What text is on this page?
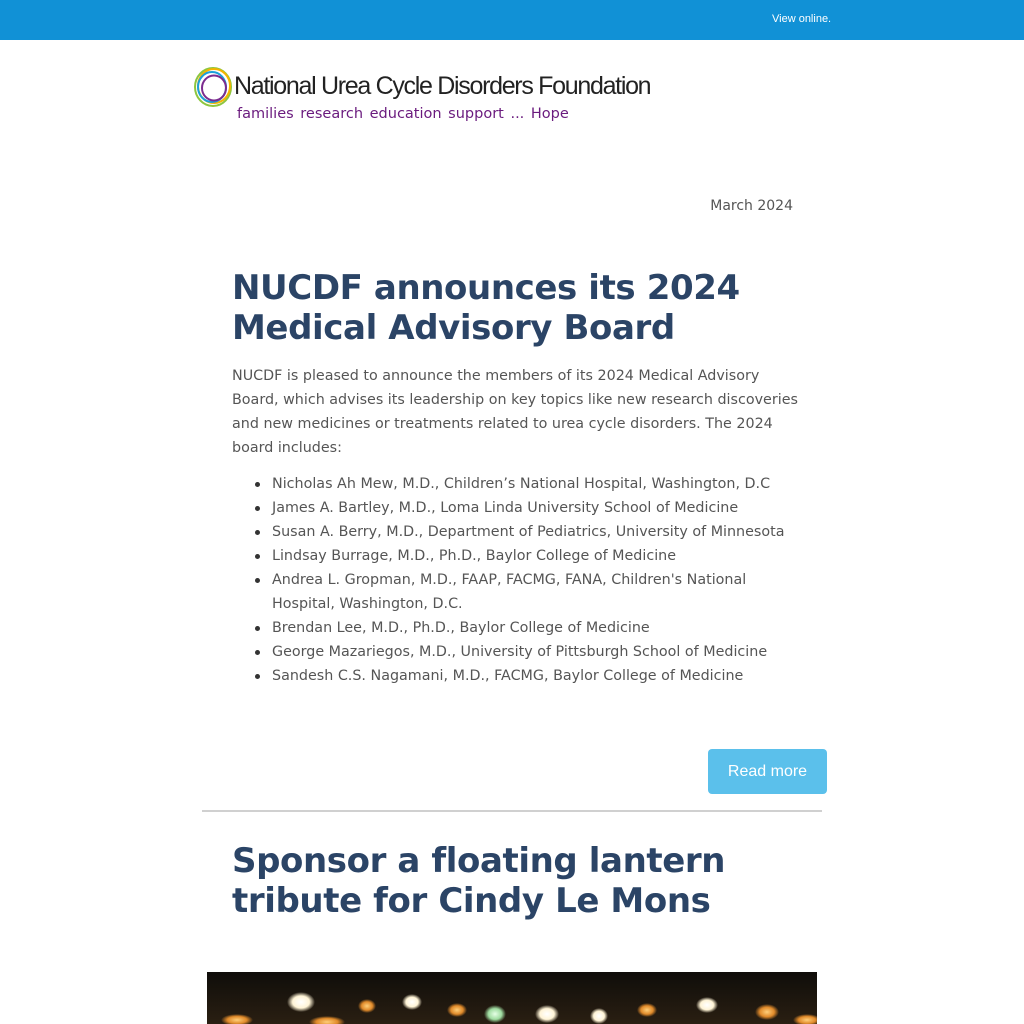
View online.
National Urea Cycle Disorders Foundation
families research education support ... Hope
March 2024
NUCDF announces its 2024 Medical Advisory Board

NUCDF is pleased to announce the members of its 2024 Medical Advisory Board, which advises its leadership on key topics like new research discoveries and new medicines or treatments related to urea cycle disorders. The 2024 board includes:

Nicholas Ah Mew, M.D., Children’s National Hospital, Washington, D.C
James A. Bartley, M.D., Loma Linda University School of Medicine
Susan A. Berry, M.D., Department of Pediatrics, University of Minnesota
Lindsay Burrage, M.D., Ph.D., Baylor College of Medicine
Andrea L. Gropman, M.D., FAAP, FACMG, FANA, Children's National Hospital, Washington, D.C.
Brendan Lee, M.D., Ph.D., Baylor College of Medicine
George Mazariegos, M.D., University of Pittsburgh School of Medicine
Sandesh C.S. Nagamani, M.D., FACMG, Baylor College of Medicine
Read more
Sponsor a floating lantern tribute for Cindy Le Mons
